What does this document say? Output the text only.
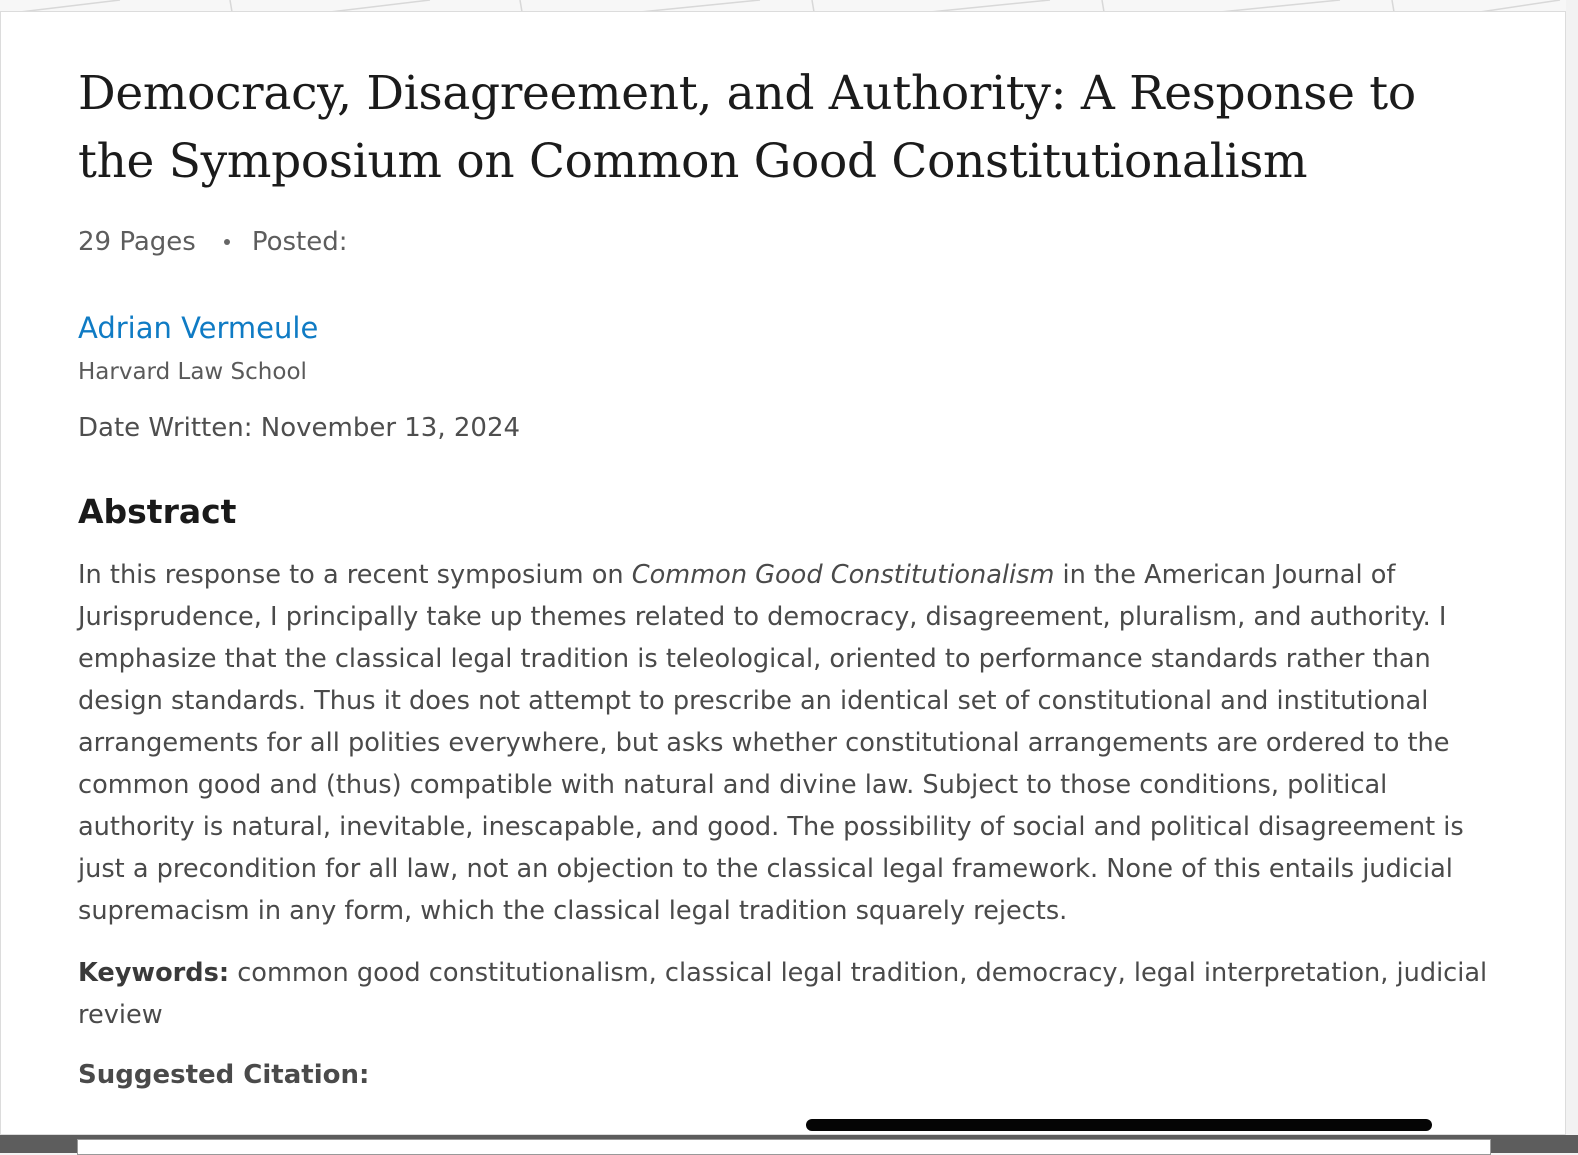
Democracy, Disagreement, and Authority: A Response to the Symposium on Common Good Constitutionalism
29 Pages Posted:
Adrian Vermeule
Harvard Law School
Date Written: November 13, 2024
Abstract

In this response to a recent symposium on Common Good Constitutionalism in the American Journal of Jurisprudence, I principally take up themes related to democracy, disagreement, pluralism, and authority. I emphasize that the classical legal tradition is teleological, oriented to performance standards rather than design standards. Thus it does not attempt to prescribe an identical set of constitutional and institutional arrangements for all polities everywhere, but asks whether constitutional arrangements are ordered to the common good and (thus) compatible with natural and divine law. Subject to those conditions, political authority is natural, inevitable, inescapable, and good. The possibility of social and political disagreement is just a precondition for all law, not an objection to the classical legal framework. None of this entails judicial supremacism in any form, which the classical legal tradition squarely rejects.

Keywords: common good constitutionalism, classical legal tradition, democracy, legal interpretation, judicial review
Suggested Citation:
